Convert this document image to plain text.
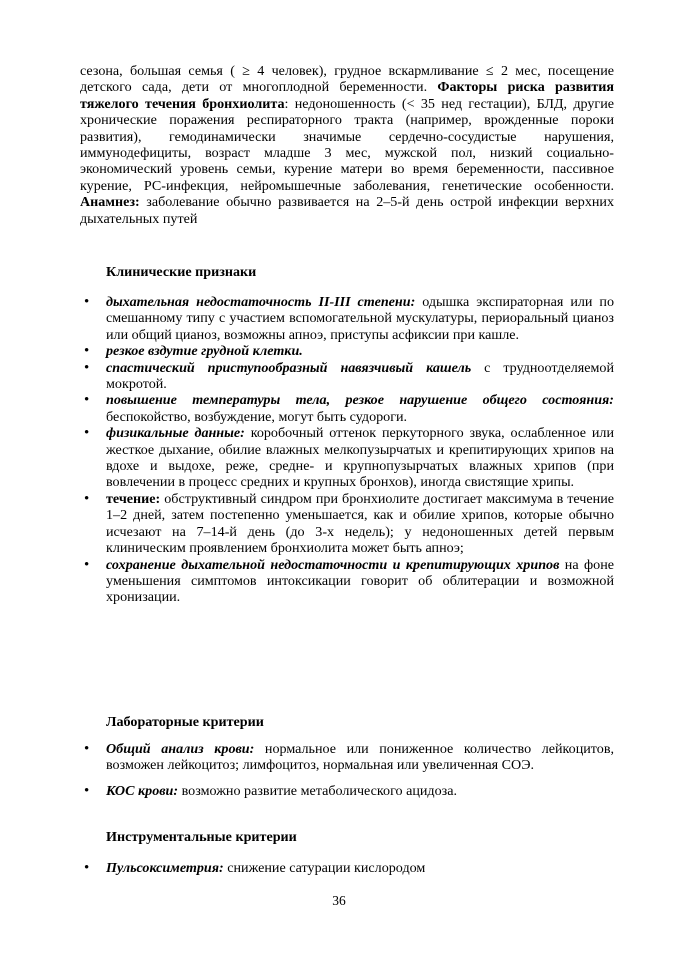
сезона, большая семья ( ≥ 4 человек), грудное вскармливание ≤ 2 мес, посещение детского сада, дети от многоплодной беременности. Факторы риска развития тяжелого течения бронхиолита: недоношенность (< 35 нед гестации), БЛД, другие хронические поражения респираторного тракта (например, врожденные пороки развития), гемодинамически значимые сердечно-сосудистые нарушения, иммунодефициты, возраст младше 3 мес, мужской пол, низкий социально-экономический уровень семьи, курение матери во время беременности, пассивное курение, РС-инфекция, нейромышечные заболевания, генетические особенности. Анамнез: заболевание обычно развивается на 2–5-й день острой инфекции верхних дыхательных путей
Клинические признаки
• дыхательная недостаточность II-III степени: одышка экспираторная или по смешанному типу с участием вспомогательной мускулатуры, периоральный цианоз или общий цианоз, возможны апноэ, приступы асфиксии при кашле.
• резкое вздутие грудной клетки.
• спастический приступообразный навязчивый кашель с трудноотделяемой мокротой.
• повышение температуры тела, резкое нарушение общего состояния: беспокойство, возбуждение, могут быть судороги.
• физикальные данные: коробочный оттенок перкуторного звука, ослабленное или жесткое дыхание, обилие влажных мелкопузырчатых и крепитирующих хрипов на вдохе и выдохе, реже, средне- и крупнопузырчатых влажных хрипов (при вовлечении в процесс средних и крупных бронхов), иногда свистящие хрипы.
• течение: обструктивный синдром при бронхиолите достигает максимума в течение 1–2 дней, затем постепенно уменьшается, как и обилие хрипов, которые обычно исчезают на 7–14-й день (до 3-х недель); у недоношенных детей первым клиническим проявлением бронхиолита может быть апноэ;
• сохранение дыхательной недостаточности и крепитирующих хрипов на фоне уменьшения симптомов интоксикации говорит об облитерации и возможной хронизации.
Лабораторные критерии
• Общий анализ крови: нормальное или пониженное количество лейкоцитов, возможен лейкоцитоз; лимфоцитоз, нормальная или увеличенная СОЭ.
• КОС крови: возможно развитие метаболического ацидоза.
Инструментальные критерии
• Пульсоксиметрия: снижение сатурации кислородом
36
